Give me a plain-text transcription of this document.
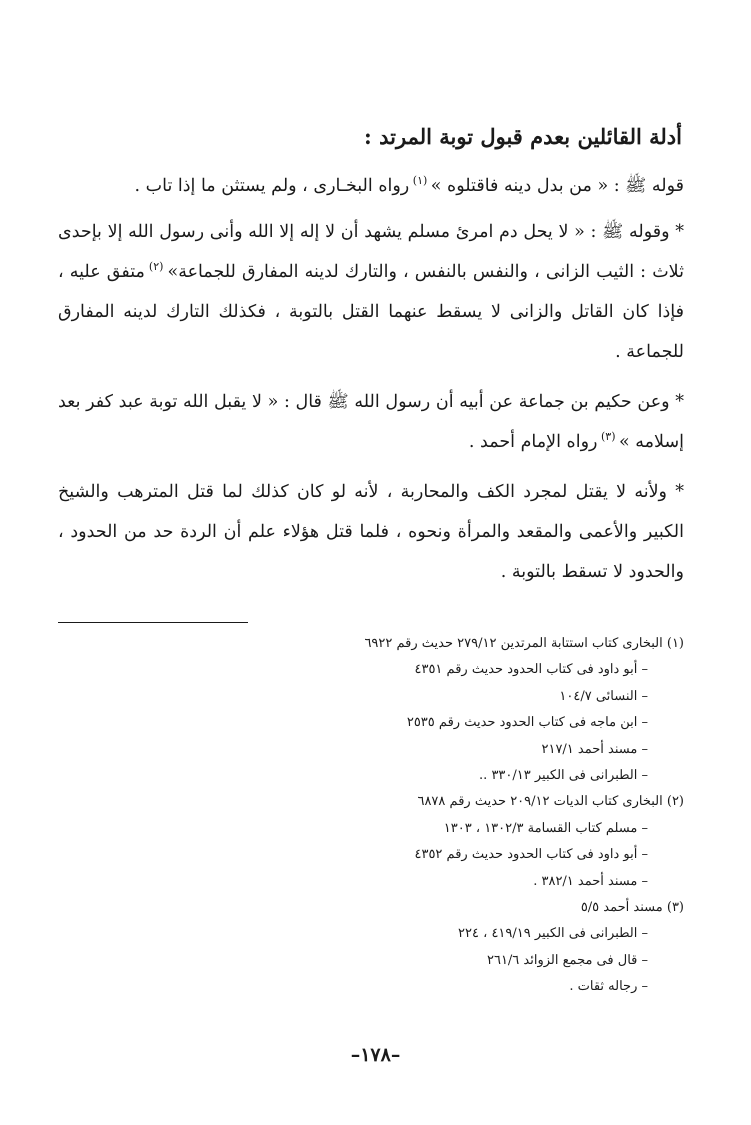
أدلة القائلين بعدم قبول توبة المرتد :

قوله ﷺ : « من بدل دينه فاقتلوه » $^{(١)}$ رواه البخـارى ، ولم يستثن ما إذا تاب .

* وقوله ﷺ : « لا يحل دم امرئ مسلم يشهد أن لا إله إلا الله وأنى رسول الله إلا بإحدى ثلاث : الثيب الزانى ، والنفس بالنفس ، والتارك لدينه المفارق للجماعة» $^{(٢)}$ متفق عليه ، فإذا كان القاتل والزانى لا يسقط عنهما القتل بالتوبة ، فكذلك التارك لدينه المفارق للجماعة .

* وعن حكيم بن جماعة عن أبيه أن رسول الله ﷺ قال : « لا يقبل الله توبة عبد كفر بعد إسلامه » $^{(٣)}$ رواه الإمام أحمد .

* ولأنه لا يقتل لمجرد الكف والمحاربة ، لأنه لو كان كذلك لما قتل المترهب والشيخ الكبير والأعمى والمقعد والمرأة ونحوه ، فلما قتل هؤلاء علم أن الردة حد من الحدود ، والحدود لا تسقط بالتوبة .

(١) البخارى كتاب استتابة المرتدين ٢٧٩/١٢ حديث رقم ٦٩٢٢
– أبو داود فى كتاب الحدود حديث رقم ٤٣٥١
– النسائى ١٠٤/٧
– ابن ماجه فى كتاب الحدود حديث رقم ٢٥٣٥
– مسند أحمد ٢١٧/١
– الطبرانى فى الكبير ٣٣٠/١٣ ..
(٢) البخارى كتاب الديات ٢٠٩/١٢ حديث رقم ٦٨٧٨
– مسلم كتاب القسامة ١٣٠٢/٣ ، ١٣٠٣
– أبو داود فى كتاب الحدود حديث رقم ٤٣٥٢
– مسند أحمد ٣٨٢/١ .
(٣) مسند أحمد ٥/٥
– الطبرانى فى الكبير ٤١٩/١٩ ، ٢٢٤
– قال فى مجمع الزوائد ٢٦١/٦
– رجاله ثقات .
–١٧٨–
